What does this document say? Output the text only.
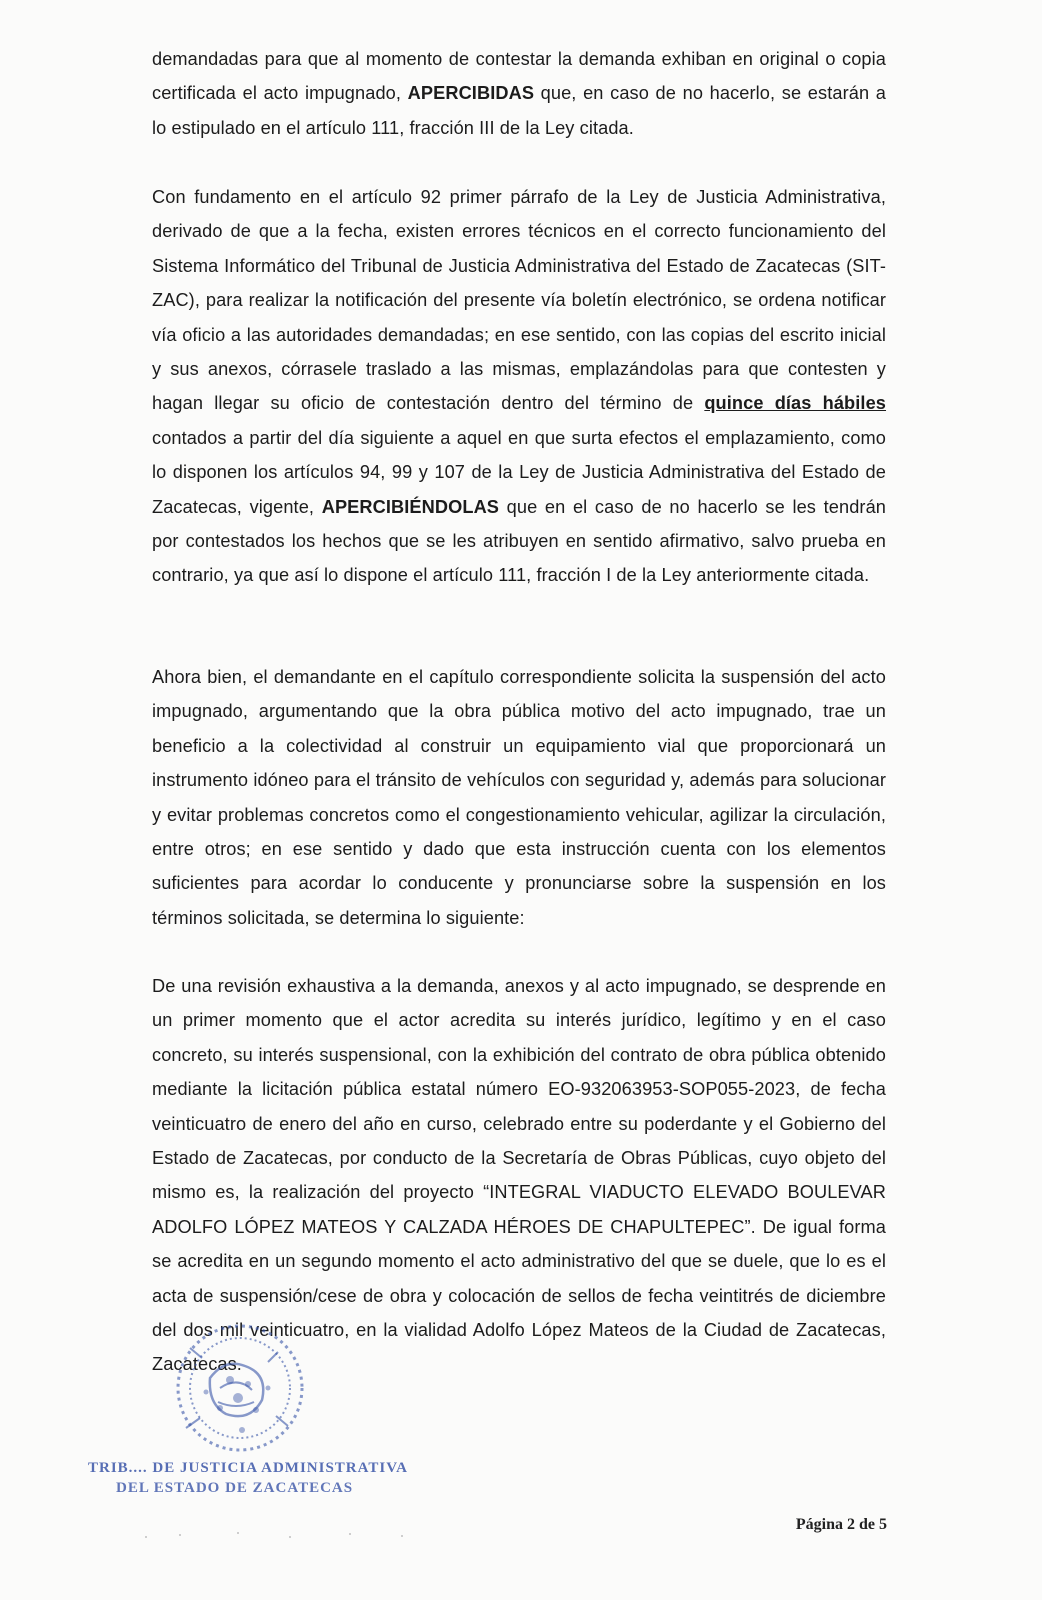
demandadas para que al momento de contestar la demanda exhiban en original o copia certificada el acto impugnado, APERCIBIDAS que, en caso de no hacerlo, se estarán a lo estipulado en el artículo 111, fracción III de la Ley citada.

Con fundamento en el artículo 92 primer párrafo de la Ley de Justicia Administrativa, derivado de que a la fecha, existen errores técnicos en el correcto funcionamiento del Sistema Informático del Tribunal de Justicia Administrativa del Estado de Zacatecas (SIT-ZAC), para realizar la notificación del presente vía boletín electrónico, se ordena notificar vía oficio a las autoridades demandadas; en ese sentido, con las copias del escrito inicial y sus anexos, córrasele traslado a las mismas, emplazándolas para que contesten y hagan llegar su oficio de contestación dentro del término de quince días hábiles contados a partir del día siguiente a aquel en que surta efectos el emplazamiento, como lo disponen los artículos 94, 99 y 107 de la Ley de Justicia Administrativa del Estado de Zacatecas, vigente, APERCIBIÉNDOLAS que en el caso de no hacerlo se les tendrán por contestados los hechos que se les atribuyen en sentido afirmativo, salvo prueba en contrario, ya que así lo dispone el artículo 111, fracción I de la Ley anteriormente citada.

Ahora bien, el demandante en el capítulo correspondiente solicita la suspensión del acto impugnado, argumentando que la obra pública motivo del acto impugnado, trae un beneficio a la colectividad al construir un equipamiento vial que proporcionará un instrumento idóneo para el tránsito de vehículos con seguridad y, además para solucionar y evitar problemas concretos como el congestionamiento vehicular, agilizar la circulación, entre otros; en ese sentido y dado que esta instrucción cuenta con los elementos suficientes para acordar lo conducente y pronunciarse sobre la suspensión en los términos solicitada, se determina lo siguiente:

De una revisión exhaustiva a la demanda, anexos y al acto impugnado, se desprende en un primer momento que el actor acredita su interés jurídico, legítimo y en el caso concreto, su interés suspensional, con la exhibición del contrato de obra pública obtenido mediante la licitación pública estatal número EO-932063953-SOP055-2023, de fecha veinticuatro de enero del año en curso, celebrado entre su poderdante y el Gobierno del Estado de Zacatecas, por conducto de la Secretaría de Obras Públicas, cuyo objeto del mismo es, la realización del proyecto “INTEGRAL VIADUCTO ELEVADO BOULEVAR ADOLFO LÓPEZ MATEOS Y CALZADA HÉROES DE CHAPULTEPEC”. De igual forma se acredita en un segundo momento el acto administrativo del que se duele, que lo es el acta de suspensión/cese de obra y colocación de sellos de fecha veintitrés de diciembre del dos mil veinticuatro, en la vialidad Adolfo López Mateos de la Ciudad de Zacatecas, Zacatecas.

TRIB.... DE JUSTICIA ADMINISTRATIVA
DEL ESTADO DE ZACATECAS
Página 2 de 5
